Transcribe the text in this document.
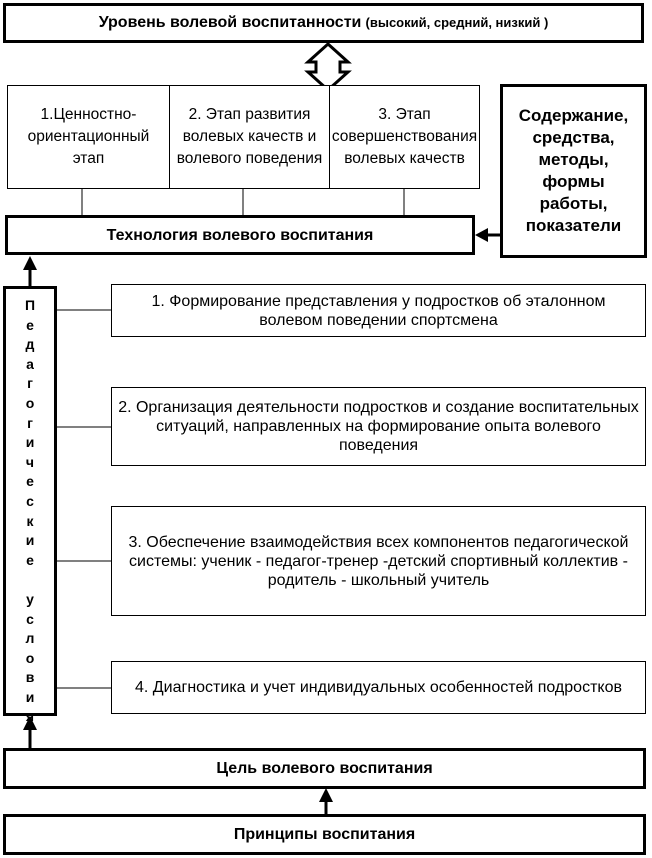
Уровень волевой воспитанности (высокий, средний, низкий )
1.Ценностно-ориентационный этап
2. Этап развития волевых качеств и волевого поведения
3. Этап совершенствования волевых качеств
Содержание, средства, методы, формы работы, показатели
Технология волевого воспитания
П
е
д
а
г
о
г
и
ч
е
с
к
и
е

у
с
л
о
в
и
я
1. Формирование представления у подростков об эталонном волевом поведении спортсмена
2. Организация деятельности подростков и создание воспитательных ситуаций, направленных на формирование опыта волевого поведения
3. Обеспечение взаимодействия всех компонентов педагогической системы: ученик - педагог-тренер -детский спортивный коллектив - родитель - школьный учитель
4. Диагностика и учет индивидуальных особенностей подростков
Цель волевого воспитания
Принципы воспитания
